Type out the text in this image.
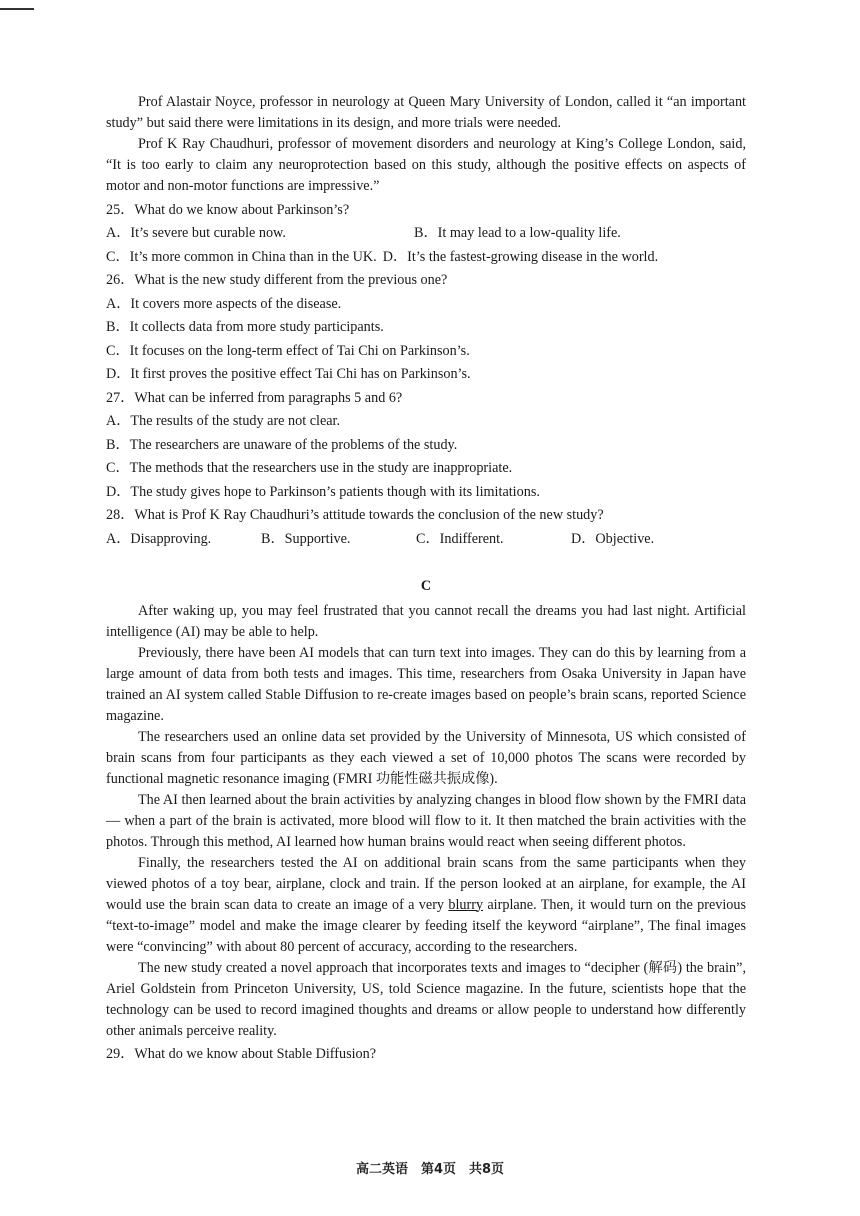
Prof Alastair Noyce, professor in neurology at Queen Mary University of London, called it “an important study” but said there were limitations in its design, and more trials were needed.

Prof K Ray Chaudhuri, professor of movement disorders and neurology at King’s College London, said, “It is too early to claim any neuroprotection based on this study, although the positive effects on aspects of motor and non-motor functions are impressive.”

25．What do we know about Parkinson’s?
A．It’s severe but curable now.	B．It may lead to a low-quality life.
C．It’s more common in China than in the UK. D．It’s the fastest-growing disease in the world.
26．What is the new study different from the previous one?
A．It covers more aspects of the disease.
B．It collects data from more study participants.
C．It focuses on the long-term effect of Tai Chi on Parkinson’s.
D．It first proves the positive effect Tai Chi has on Parkinson’s.
27．What can be inferred from paragraphs 5 and 6?
A．The results of the study are not clear.
B．The researchers are unaware of the problems of the study.
C．The methods that the researchers use in the study are inappropriate.
D．The study gives hope to Parkinson’s patients though with its limitations.
28．What is Prof K Ray Chaudhuri’s attitude towards the conclusion of the new study?
A．Disapproving.	B．Supportive.	C．Indifferent.	D．Objective.
C

After waking up, you may feel frustrated that you cannot recall the dreams you had last night. Artificial intelligence (AI) may be able to help.

Previously, there have been AI models that can turn text into images. They can do this by learning from a large amount of data from both tests and images. This time, researchers from Osaka University in Japan have trained an AI system called Stable Diffusion to re-create images based on people’s brain scans, reported Science magazine.

The researchers used an online data set provided by the University of Minnesota, US which consisted of brain scans from four participants as they each viewed a set of 10,000 photos The scans were recorded by functional magnetic resonance imaging (FMRI 功能性磁共振成像).

The AI then learned about the brain activities by analyzing changes in blood flow shown by the FMRI data — when a part of the brain is activated, more blood will flow to it. It then matched the brain activities with the photos. Through this method, AI learned how human brains would react when seeing different photos.

Finally, the researchers tested the AI on additional brain scans from the same participants when they viewed photos of a toy bear, airplane, clock and train. If the person looked at an airplane, for example, the AI would use the brain scan data to create an image of a very blurry airplane. Then, it would turn on the previous “text-to-image” model and make the image clearer by feeding itself the keyword “airplane”, The final images were “convincing” with about 80 percent of accuracy, according to the researchers.

The new study created a novel approach that incorporates texts and images to “decipher (解码) the brain”, Ariel Goldstein from Princeton University, US, told Science magazine. In the future, scientists hope that the technology can be used to record imagined thoughts and dreams or allow people to understand how differently other animals perceive reality.

29．What do we know about Stable Diffusion?
高二英语　第4页　共8页
